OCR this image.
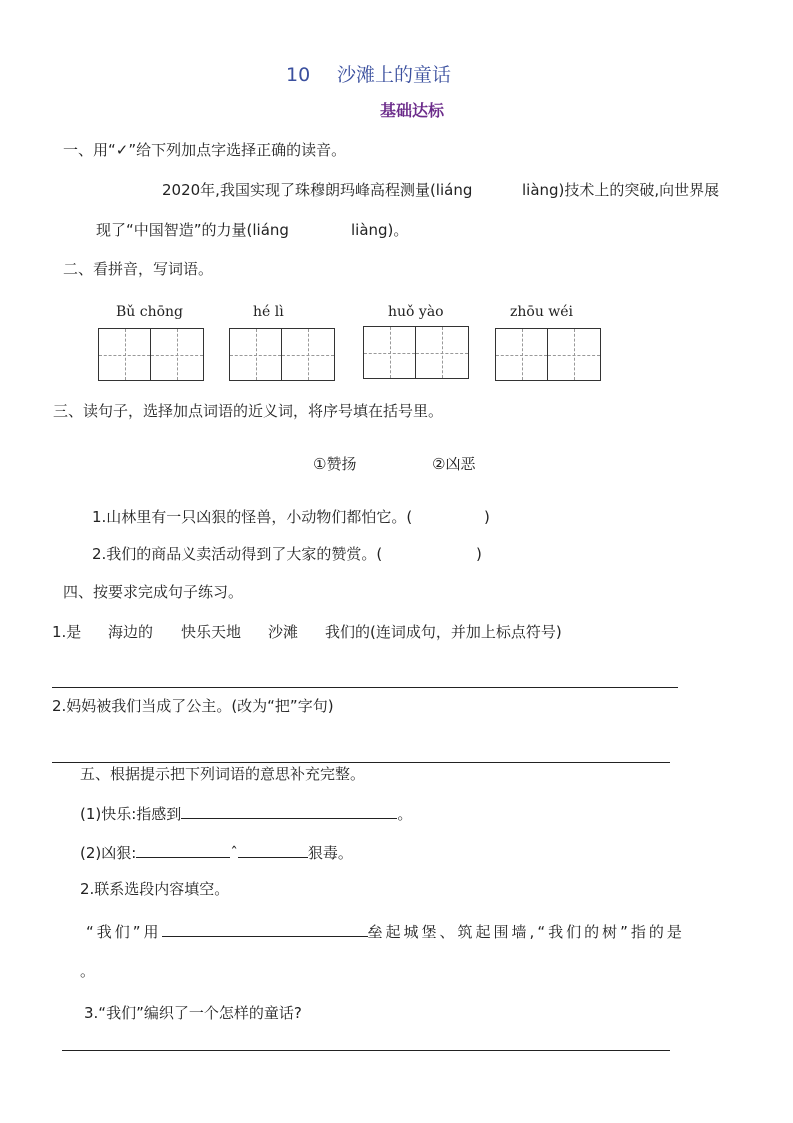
10 沙滩上的童话
基础达标
一、用“✓”给下列加点字选择正确的读音。
2020年,我国实现了珠穆朗玛峰高程测量(liáng	liàng)技术上的突破,向世界展
现了“中国智造”的力量(liáng	liàng)。
二、看拼音，写词语。
Bǔ chōng	hé lì	huǒ yào	zhōu wéi
三、读句子，选择加点词语的近义词，将序号填在括号里。
①赞扬	②凶恶
1.山林里有一只凶狠的怪兽，小动物们都怕它。(	)
2.我们的商品义卖活动得到了大家的赞赏。(	)
四、按要求完成句子练习。
1.是 海边的 快乐天地 沙滩 我们的(连词成句，并加上标点符号)
2.妈妈被我们当成了公主。(改为“把”字句)
五、根据提示把下列词语的意思补充完整。
(1)快乐:指感到	。
(2)凶狠:	ˆ	狠毒。
2.联系选段内容填空。
“我们”用	垒起城堡、筑起围墙,“我们的树”指的是
。
3.“我们”编织了一个怎样的童话?
